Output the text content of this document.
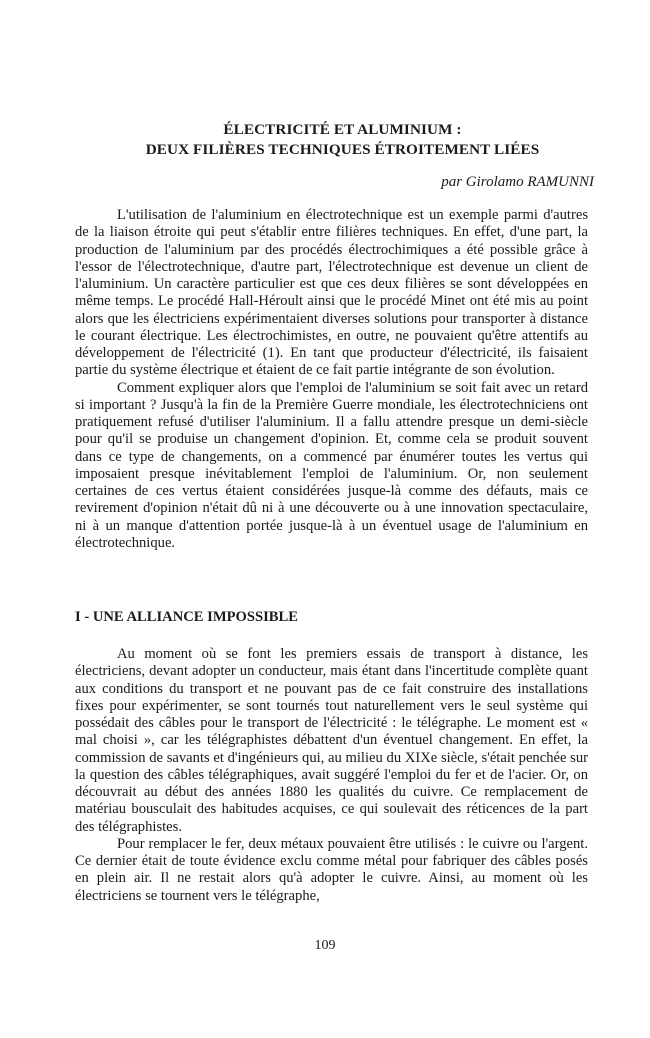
ÉLECTRICITÉ ET ALUMINIUM :
DEUX FILIÈRES TECHNIQUES ÉTROITEMENT LIÉES
par Girolamo RAMUNNI

L'utilisation de l'aluminium en électrotechnique est un exemple parmi d'autres de la liaison étroite qui peut s'établir entre filières techniques. En effet, d'une part, la production de l'aluminium par des procédés électrochimiques a été possible grâce à l'essor de l'électrotechnique, d'autre part, l'électrotechnique est devenue un client de l'aluminium. Un caractère particulier est que ces deux filières se sont développées en même temps. Le procédé Hall-Héroult ainsi que le procédé Minet ont été mis au point alors que les électriciens expérimentaient diverses solutions pour transporter à distance le courant électrique. Les électrochimistes, en outre, ne pouvaient qu'être attentifs au développement de l'électricité (1). En tant que producteur d'électricité, ils faisaient partie du système électrique et étaient de ce fait partie intégrante de son évolution.

Comment expliquer alors que l'emploi de l'aluminium se soit fait avec un retard si important ? Jusqu'à la fin de la Première Guerre mondiale, les électrotechniciens ont pratiquement refusé d'utiliser l'aluminium. Il a fallu attendre presque un demi-siècle pour qu'il se produise un changement d'opinion. Et, comme cela se produit souvent dans ce type de changements, on a commencé par énumérer toutes les vertus qui imposaient presque inévitablement l'emploi de l'aluminium. Or, non seulement certaines de ces vertus étaient considérées jusque-là comme des défauts, mais ce revirement d'opinion n'était dû ni à une découverte ou à une innovation spectaculaire, ni à un manque d'attention portée jusque-là à un éventuel usage de l'aluminium en électrotechnique.

I - UNE ALLIANCE IMPOSSIBLE

Au moment où se font les premiers essais de transport à distance, les électriciens, devant adopter un conducteur, mais étant dans l'incertitude complète quant aux conditions du transport et ne pouvant pas de ce fait construire des installations fixes pour expérimenter, se sont tournés tout naturellement vers le seul système qui possédait des câbles pour le transport de l'électricité : le télégraphe. Le moment est « mal choisi », car les télégraphistes débattent d'un éventuel changement. En effet, la commission de savants et d'ingénieurs qui, au milieu du XIXe siècle, s'était penchée sur la question des câbles télégraphiques, avait suggéré l'emploi du fer et de l'acier. Or, on découvrait au début des années 1880 les qualités du cuivre. Ce remplacement de matériau bousculait des habitudes acquises, ce qui soulevait des réticences de la part des télégraphistes.

Pour remplacer le fer, deux métaux pouvaient être utilisés : le cuivre ou l'argent. Ce dernier était de toute évidence exclu comme métal pour fabriquer des câbles posés en plein air. Il ne restait alors qu'à adopter le cuivre. Ainsi, au moment où les électriciens se tournent vers le télégraphe,

109
